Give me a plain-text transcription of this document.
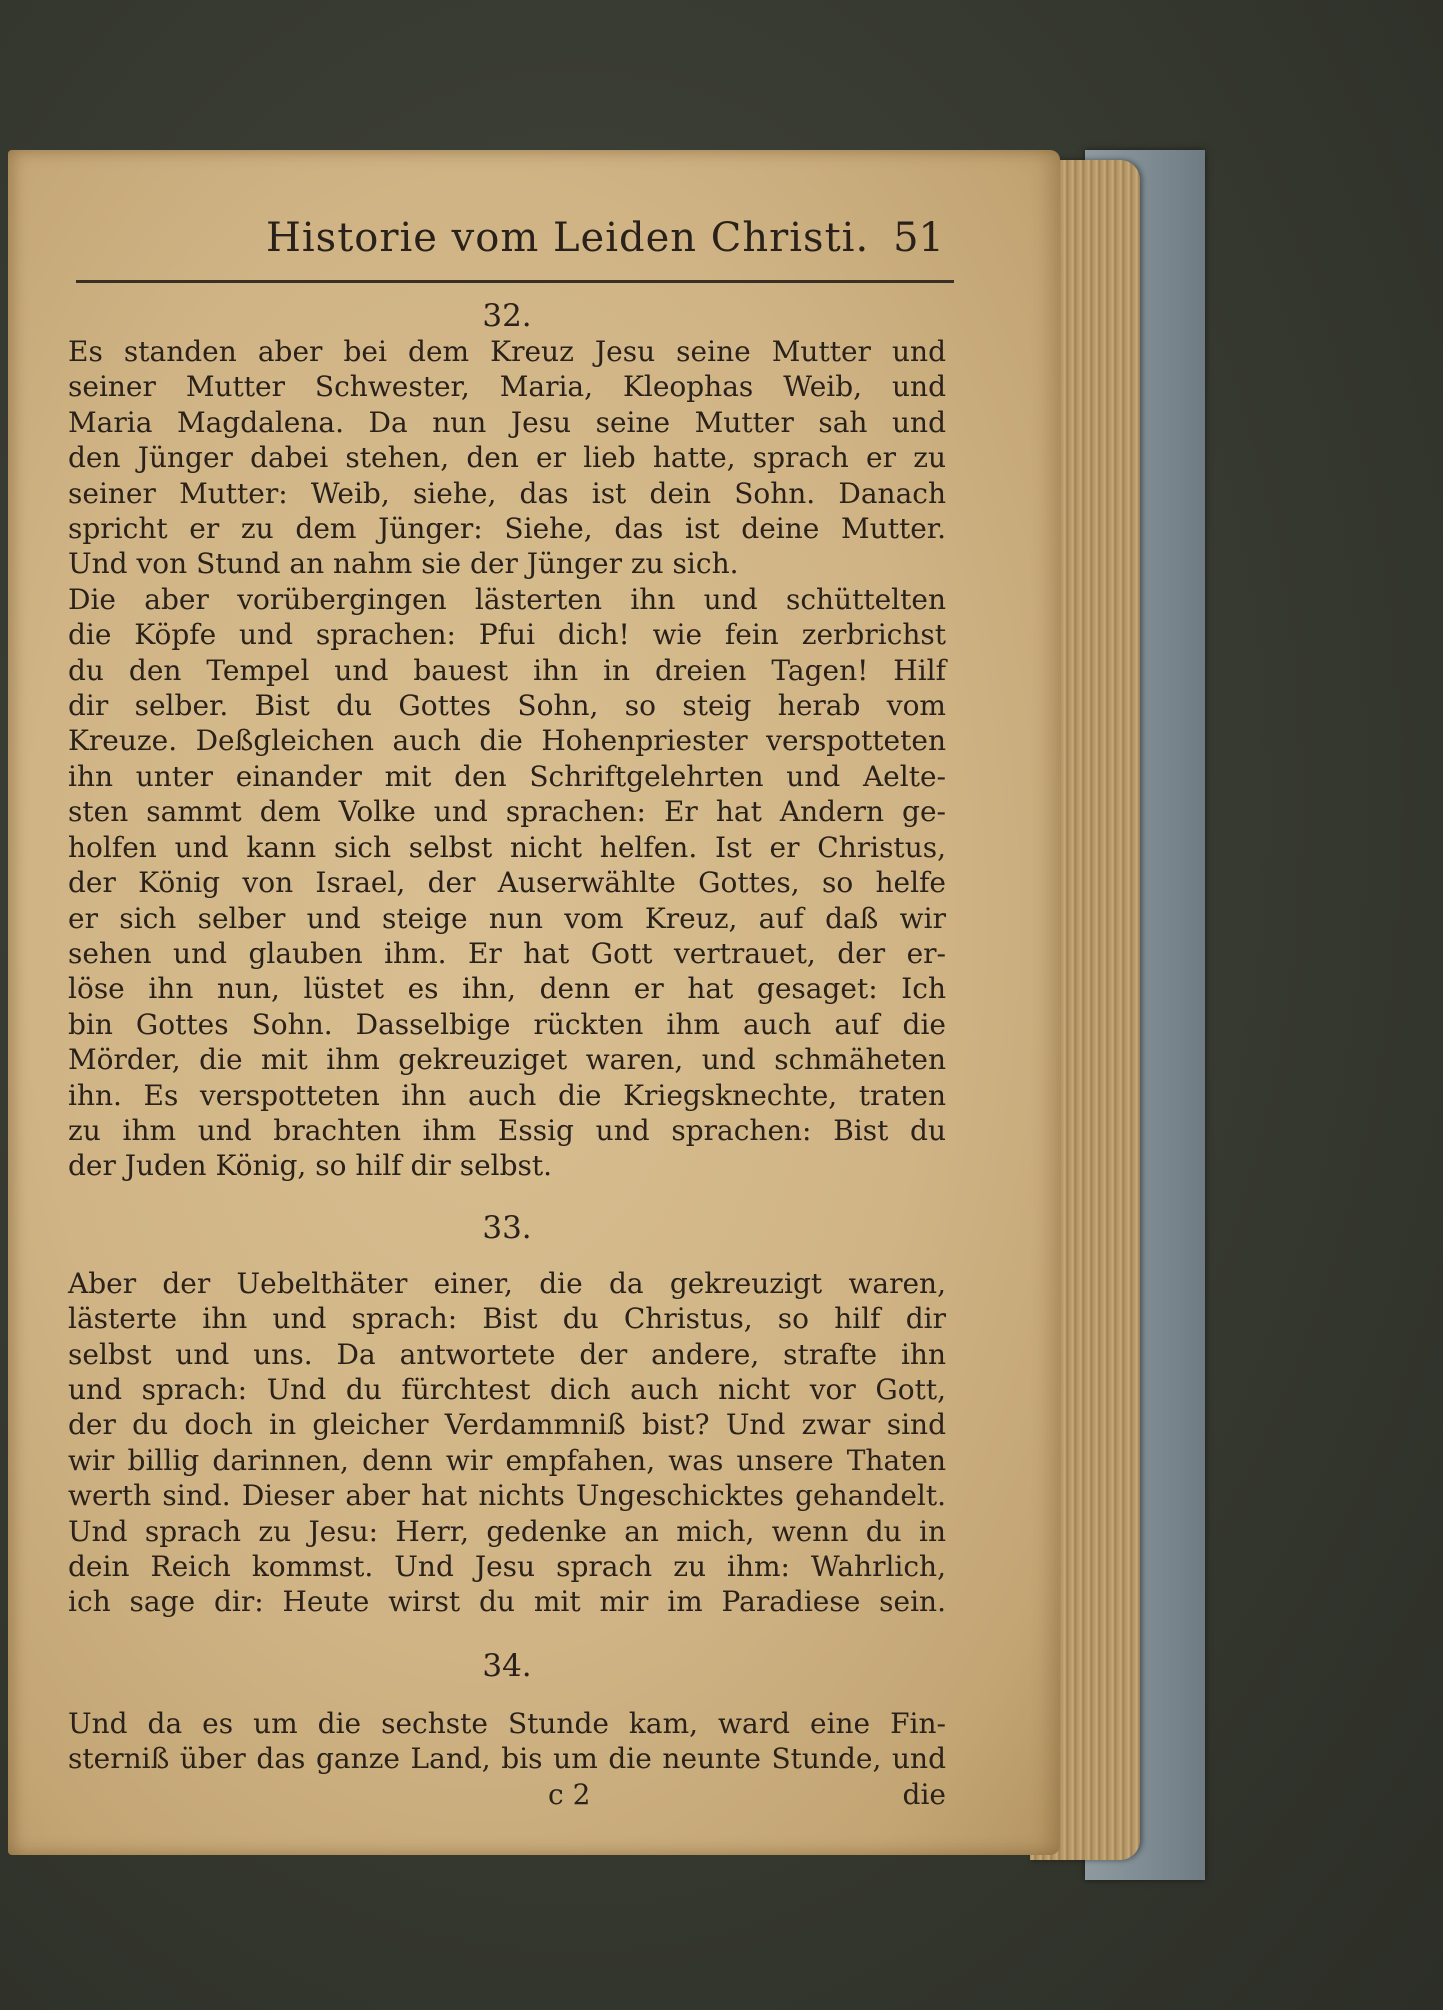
Historie vom Leiden Christi. 51
32.
Es standen aber bei dem Kreuz Jesu seine Mutter und
seiner Mutter Schwester, Maria, Kleophas Weib, und
Maria Magdalena. Da nun Jesu seine Mutter sah und
den Jünger dabei stehen, den er lieb hatte, sprach er zu
seiner Mutter: Weib, siehe, das ist dein Sohn. Danach
spricht er zu dem Jünger: Siehe, das ist deine Mutter.
Und von Stund an nahm sie der Jünger zu sich.
Die aber vorübergingen lästerten ihn und schüttelten
die Köpfe und sprachen: Pfui dich! wie fein zerbrichst
du den Tempel und bauest ihn in dreien Tagen! Hilf
dir selber. Bist du Gottes Sohn, so steig herab vom
Kreuze. Deßgleichen auch die Hohenpriester verspotteten
ihn unter einander mit den Schriftgelehrten und Aelte-
sten sammt dem Volke und sprachen: Er hat Andern ge-
holfen und kann sich selbst nicht helfen. Ist er Christus,
der König von Israel, der Auserwählte Gottes, so helfe
er sich selber und steige nun vom Kreuz, auf daß wir
sehen und glauben ihm. Er hat Gott vertrauet, der er-
löse ihn nun, lüstet es ihn, denn er hat gesaget: Ich
bin Gottes Sohn. Dasselbige rückten ihm auch auf die
Mörder, die mit ihm gekreuziget waren, und schmäheten
ihn. Es verspotteten ihn auch die Kriegsknechte, traten
zu ihm und brachten ihm Essig und sprachen: Bist du
der Juden König, so hilf dir selbst.
33.
Aber der Uebelthäter einer, die da gekreuzigt waren,
lästerte ihn und sprach: Bist du Christus, so hilf dir
selbst und uns. Da antwortete der andere, strafte ihn
und sprach: Und du fürchtest dich auch nicht vor Gott,
der du doch in gleicher Verdammniß bist? Und zwar sind
wir billig darinnen, denn wir empfahen, was unsere Thaten
werth sind. Dieser aber hat nichts Ungeschicktes gehandelt.
Und sprach zu Jesu: Herr, gedenke an mich, wenn du in
dein Reich kommst. Und Jesu sprach zu ihm: Wahrlich,
ich sage dir: Heute wirst du mit mir im Paradiese sein.
34.
Und da es um die sechste Stunde kam, ward eine Fin-
sterniß über das ganze Land, bis um die neunte Stunde, und
c 2	die
